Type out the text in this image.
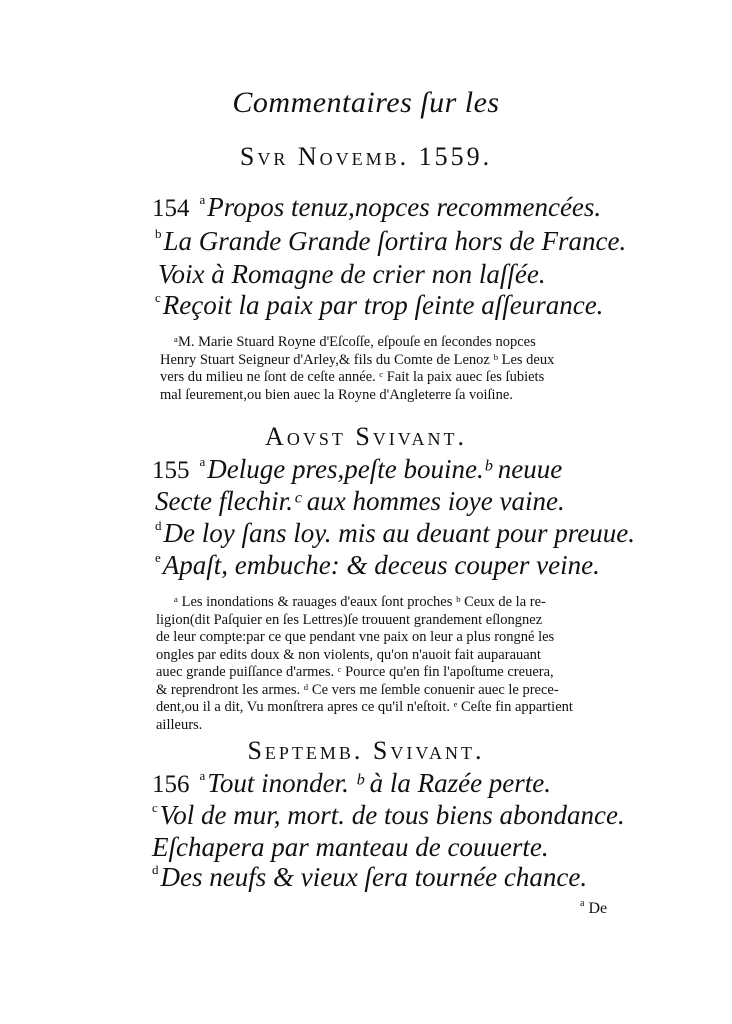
Commentaires ſur les
Svr Novemb. 1559.
154 $^a$Propos tenuz,nopces recommencées.
$^b$La Grande Grande ſortira hors de France.
Voix à Romagne de crier non laſſée.
$^c$Reçoit la paix par trop ſeinte aſſeurance.
ᵃM. Marie Stuard Royne d'Eſcoſſe, eſpouſe en ſecondes nopces
Henry Stuart Seigneur d'Arley,& fils du Comte de Lenoz ᵇ Les deux
vers du milieu ne ſont de ceſte année. ᶜ Fait la paix auec ſes ſubiets
mal ſeurement,ou bien auec la Royne d'Angleterre ſa voiſine.
Aovst Svivant.
155 $^a$Deluge pres,peſte bouine.ᵇ neuue
Secte flechir.ᶜ aux hommes ioye vaine.
$^d$De loy ſans loy. mis au deuant pour preuue.
$^e$Apaſt, embuche: & deceus couper veine.
ᵃ Les inondations & rauages d'eaux ſont proches ᵇ Ceux de la re-
ligion(dit Paſquier en ſes Lettres)ſe trouuent grandement eſlongnez
de leur compte:par ce que pendant vne paix on leur a plus rongné les
ongles par edits doux & non violents, qu'on n'auoit fait auparauant
auec grande puiſſance d'armes. ᶜ Pource qu'en fin l'apoſtume creuera,
& reprendront les armes. ᵈ Ce vers me ſemble conuenir auec le prece-
dent,ou il a dit, Vu monſtrera apres ce qu'il n'eſtoit. ᵉ Ceſte fin appartient
ailleurs.
Septemb. Svivant.
156 $^a$Tout inonder. ᵇ à la Razée perte.
$^c$Vol de mur, mort. de tous biens abondance.
Eſchapera par manteau de couuerte.
$^d$Des neufs & vieux ſera tournée chance.
$^a$ De
